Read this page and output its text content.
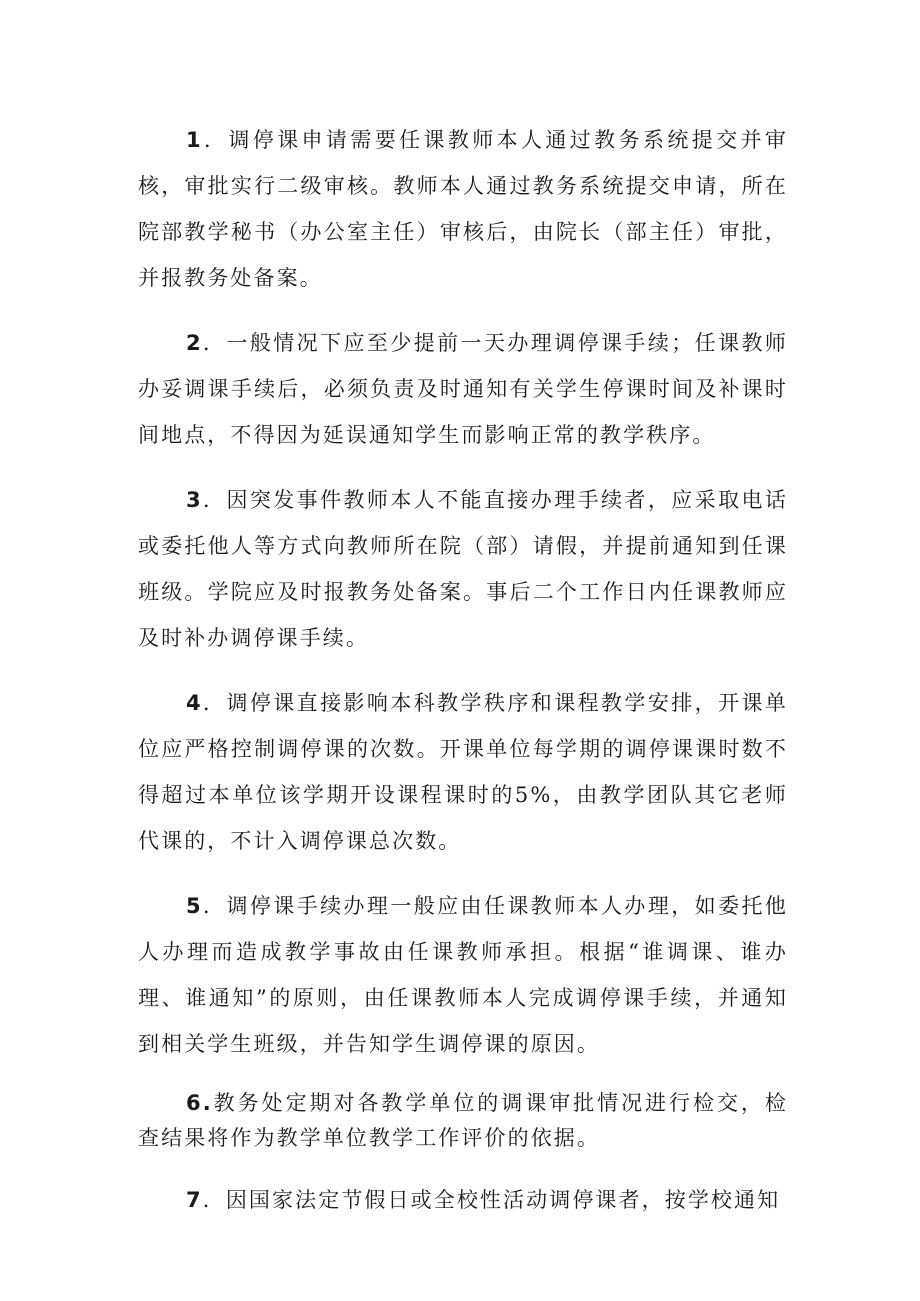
1．调停课申请需要任课教师本人通过教务系统提交并审核，审批实行二级审核。教师本人通过教务系统提交申请，所在院部教学秘书（办公室主任）审核后，由院长（部主任）审批，并报教务处备案。

2．一般情况下应至少提前一天办理调停课手续；任课教师办妥调课手续后，必须负责及时通知有关学生停课时间及补课时间地点，不得因为延误通知学生而影响正常的教学秩序。

3．因突发事件教师本人不能直接办理手续者，应采取电话或委托他人等方式向教师所在院（部）请假，并提前通知到任课班级。学院应及时报教务处备案。事后二个工作日内任课教师应及时补办调停课手续。

4．调停课直接影响本科教学秩序和课程教学安排，开课单位应严格控制调停课的次数。开课单位每学期的调停课课时数不得超过本单位该学期开设课程课时的5%，由教学团队其它老师代课的，不计入调停课总次数。

5．调停课手续办理一般应由任课教师本人办理，如委托他人办理而造成教学事故由任课教师承担。根据“谁调课、谁办理、谁通知”的原则，由任课教师本人完成调停课手续，并通知到相关学生班级，并告知学生调停课的原因。

6.教务处定期对各教学单位的调课审批情况进行检交，检查结果将作为教学单位教学工作评价的依据。

7．因国家法定节假日或全校性活动调停课者，按学校通知
